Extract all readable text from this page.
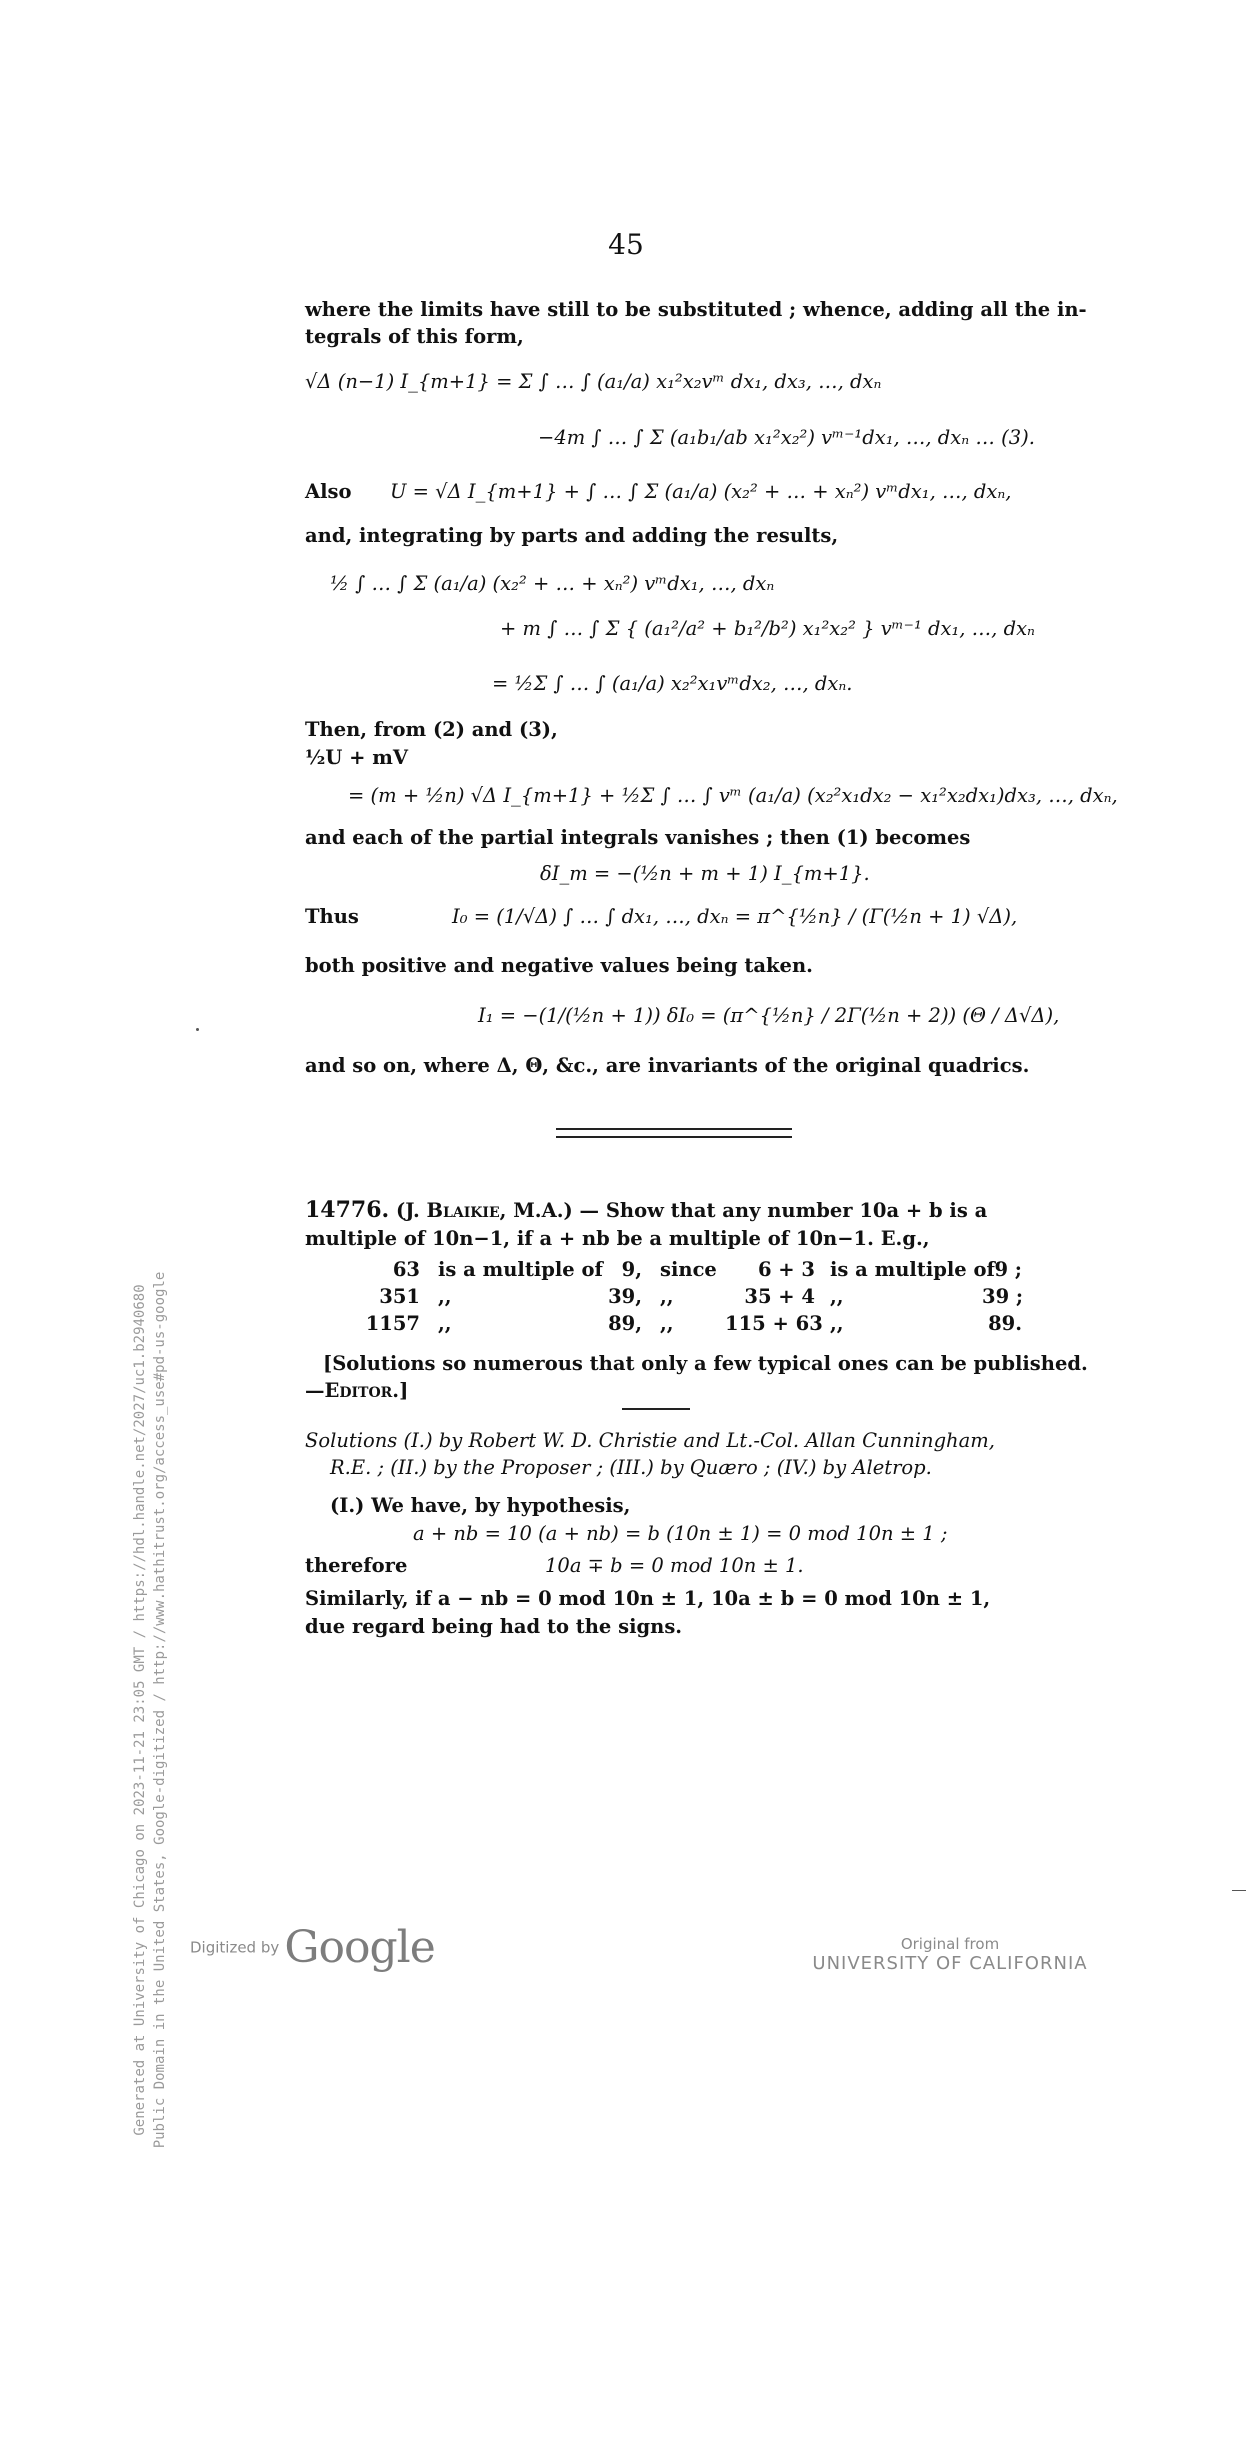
45
where the limits have still to be substituted ; whence, adding all the in-
tegrals of this form,
√Δ (n−1) I_{m+1} = Σ ∫ … ∫ (a₁/a) x₁²x₂vᵐ dx₁, dx₃, …, dxₙ
−4m ∫ … ∫ Σ (a₁b₁/ab x₁²x₂²) vᵐ⁻¹dx₁, …, dxₙ … (3).
Also U = √Δ I_{m+1} + ∫ … ∫ Σ (a₁/a) (x₂² + … + xₙ²) vᵐdx₁, …, dxₙ,
and, integrating by parts and adding the results,
½ ∫ … ∫ Σ (a₁/a) (x₂² + … + xₙ²) vᵐdx₁, …, dxₙ
+ m ∫ … ∫ Σ { (a₁²/a² + b₁²/b²) x₁²x₂² } vᵐ⁻¹ dx₁, …, dxₙ
= ½Σ ∫ … ∫ (a₁/a) x₂²x₁vᵐdx₂, …, dxₙ.
Then, from (2) and (3),
½U + mV
= (m + ½n) √Δ I_{m+1} + ½Σ ∫ … ∫ vᵐ (a₁/a) (x₂²x₁dx₂ − x₁²x₂dx₁)dx₃, …, dxₙ,
and each of the partial integrals vanishes ; then (1) becomes
δI_m = −(½n + m + 1) I_{m+1}.
Thus	I₀ = (1/√Δ) ∫ … ∫ dx₁, …, dxₙ = π^{½n} / (Γ(½n + 1) √Δ),
both positive and negative values being taken.
I₁ = −(1/(½n + 1)) δI₀ = (π^{½n} / 2Γ(½n + 2)) (Θ / Δ√Δ),
and so on, where Δ, Θ, &c., are invariants of the original quadrics.
14776. (J. Blaikie, M.A.) — Show that any number 10a + b is a
multiple of 10n−1, if a + nb be a multiple of 10n−1. E.g.,
63 is a multiple of 9, since	6 + 3 is a multiple of 9 ;
351 ,,	39, ,,	35 + 4 ,,	39 ;
1157 ,,	89, ,,	115 + 63 ,,	89.
[Solutions so numerous that only a few typical ones can be published.
—Editor.]
Solutions (I.) by Robert W. D. Christie and Lt.-Col. Allan Cunningham,
R.E. ; (II.) by the Proposer ; (III.) by Quæro ; (IV.) by Aletrop.
(I.) We have, by hypothesis,
a + nb = 10 (a + nb) = b (10n ± 1) = 0 mod 10n ± 1 ;
therefore	10a ∓ b = 0 mod 10n ± 1.
Similarly, if a − nb = 0 mod 10n ± 1, 10a ± b = 0 mod 10n ± 1,
due regard being had to the signs.
Generated at University of Chicago on 2023-11-21 23:05 GMT / https://hdl.handle.net/2027/uc1.b2940680 Public Domain in the United States, Google-digitized / http://www.hathitrust.org/access_use#pd-us-google Digitized by Google	Original from
UNIVERSITY OF CALIFORNIA
